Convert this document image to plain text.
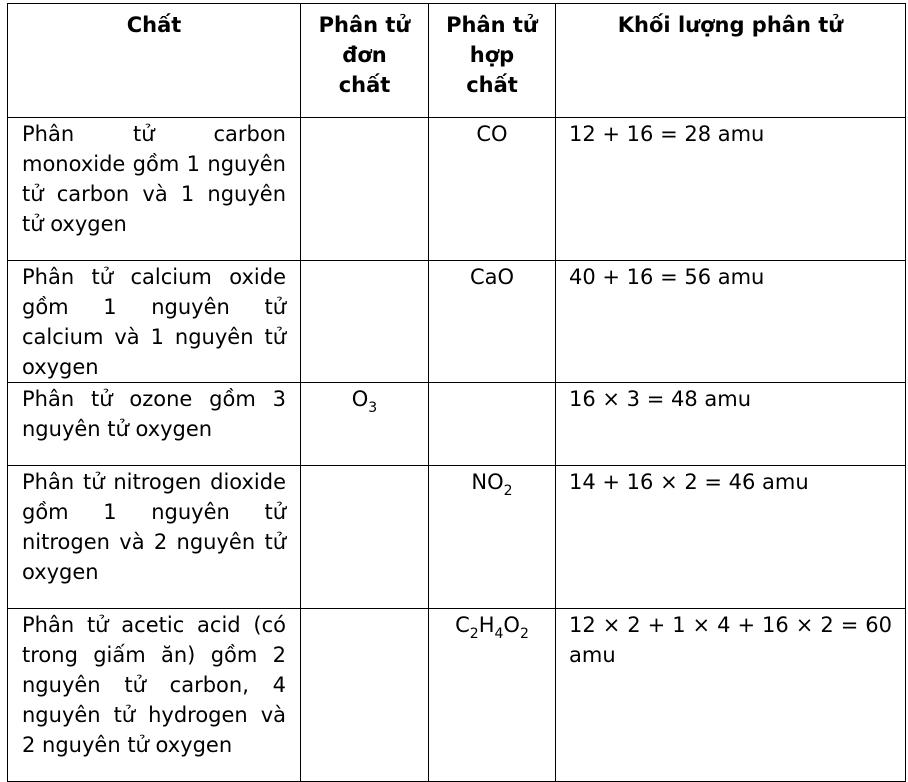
Chất	Phân tử đơn chất	Phân tử hợp chất	Khối lượng phân tử

Phân tử carbon monoxide gồm 1 nguyên tử carbon và 1 nguyên tử oxygen		CO	12 + 16 = 28 amu

Phân tử calcium oxide gồm 1 nguyên tử calcium và 1 nguyên tử oxygen		CaO	40 + 16 = 56 amu

Phân tử ozone gồm 3 nguyên tử oxygen	$O_3$		16 × 3 = 48 amu

Phân tử nitrogen dioxide gồm 1 nguyên tử nitrogen và 2 nguyên tử oxygen		$NO_2$	14 + 16 × 2 = 46 amu

Phân tử acetic acid (có trong giấm ăn) gồm 2 nguyên tử carbon, 4 nguyên tử hydrogen và 2 nguyên tử oxygen		$C_2H_4O_2$	12 × 2 + 1 × 4 + 16 × 2 = 60 amu
